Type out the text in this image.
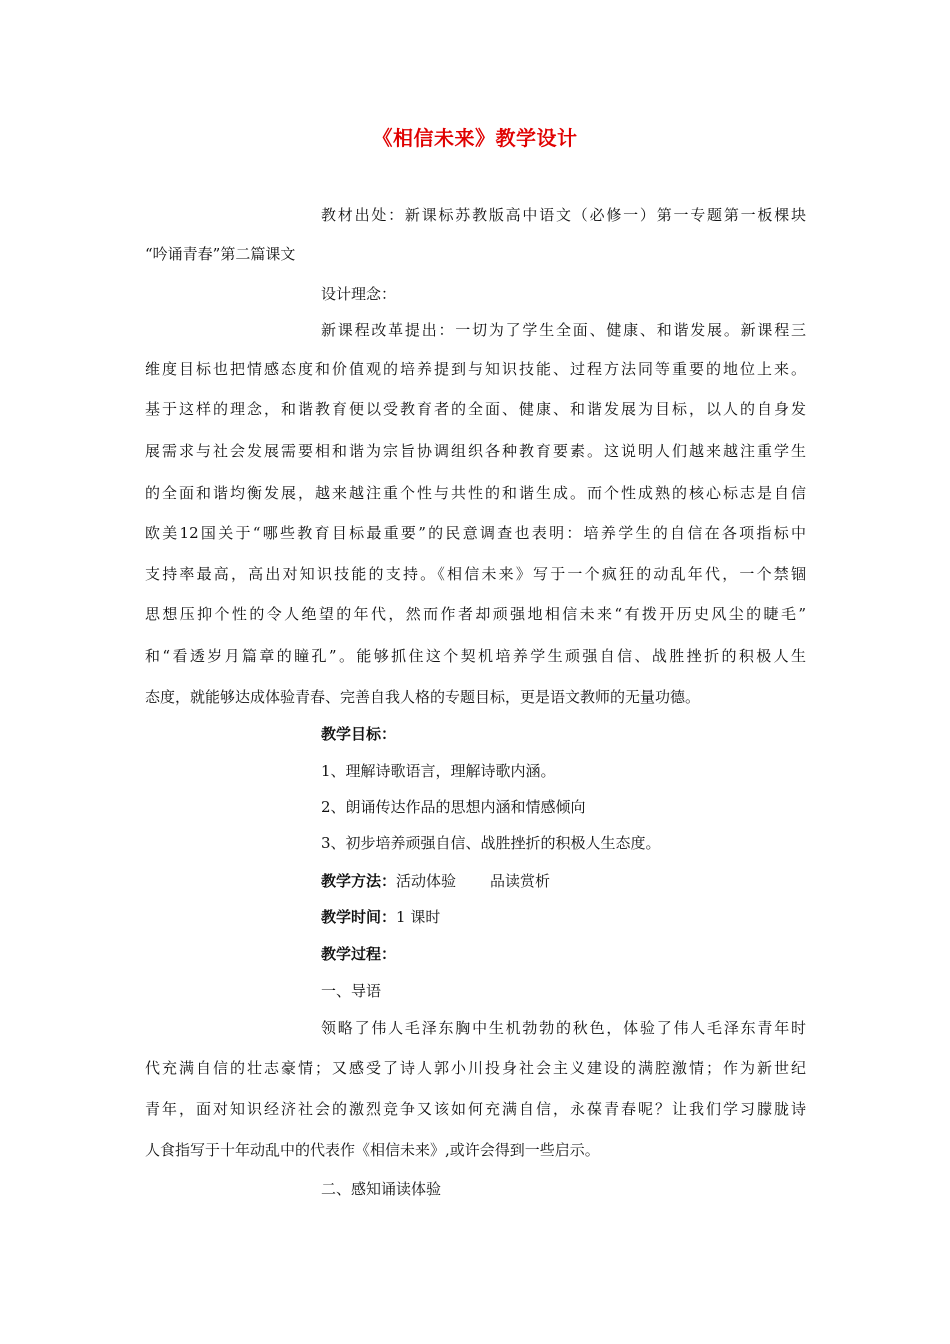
《相信未来》教学设计
教材出处：新课标苏教版高中语文（必修一）第一专题第一板棵块
“吟诵青春”第二篇课文
设计理念：
新课程改革提出：一切为了学生全面、健康、和谐发展。新课程三
维度目标也把情感态度和价值观的培养提到与知识技能、过程方法同等重要的地位上来。
基于这样的理念，和谐教育便以受教育者的全面、健康、和谐发展为目标，以人的自身发
展需求与社会发展需要相和谐为宗旨协调组织各种教育要素。这说明人们越来越注重学生
的全面和谐均衡发展，越来越注重个性与共性的和谐生成。而个性成熟的核心标志是自信
欧美12国关于“哪些教育目标最重要”的民意调查也表明：培养学生的自信在各项指标中
支持率最高，高出对知识技能的支持。《相信未来》写于一个疯狂的动乱年代，一个禁锢
思想压抑个性的令人绝望的年代，然而作者却顽强地相信未来“有拨开历史风尘的睫毛”
和“看透岁月篇章的瞳孔”。能够抓住这个契机培养学生顽强自信、战胜挫折的积极人生
态度，就能够达成体验青春、完善自我人格的专题目标，更是语文教师的无量功德。
教学目标：
1、理解诗歌语言，理解诗歌内涵。
2、朗诵传达作品的思想内涵和情感倾向
3、初步培养顽强自信、战胜挫折的积极人生态度。
教学方法：活动体验 品读赏析
教学时间：1 课时
教学过程：
一、导语
领略了伟人毛泽东胸中生机勃勃的秋色，体验了伟人毛泽东青年时
代充满自信的壮志豪情；又感受了诗人郭小川投身社会主义建设的满腔激情；作为新世纪
青年，面对知识经济社会的激烈竞争又该如何充满自信，永葆青春呢？让我们学习朦胧诗
人食指写于十年动乱中的代表作《相信未来》,或许会得到一些启示。
二、感知诵读体验
